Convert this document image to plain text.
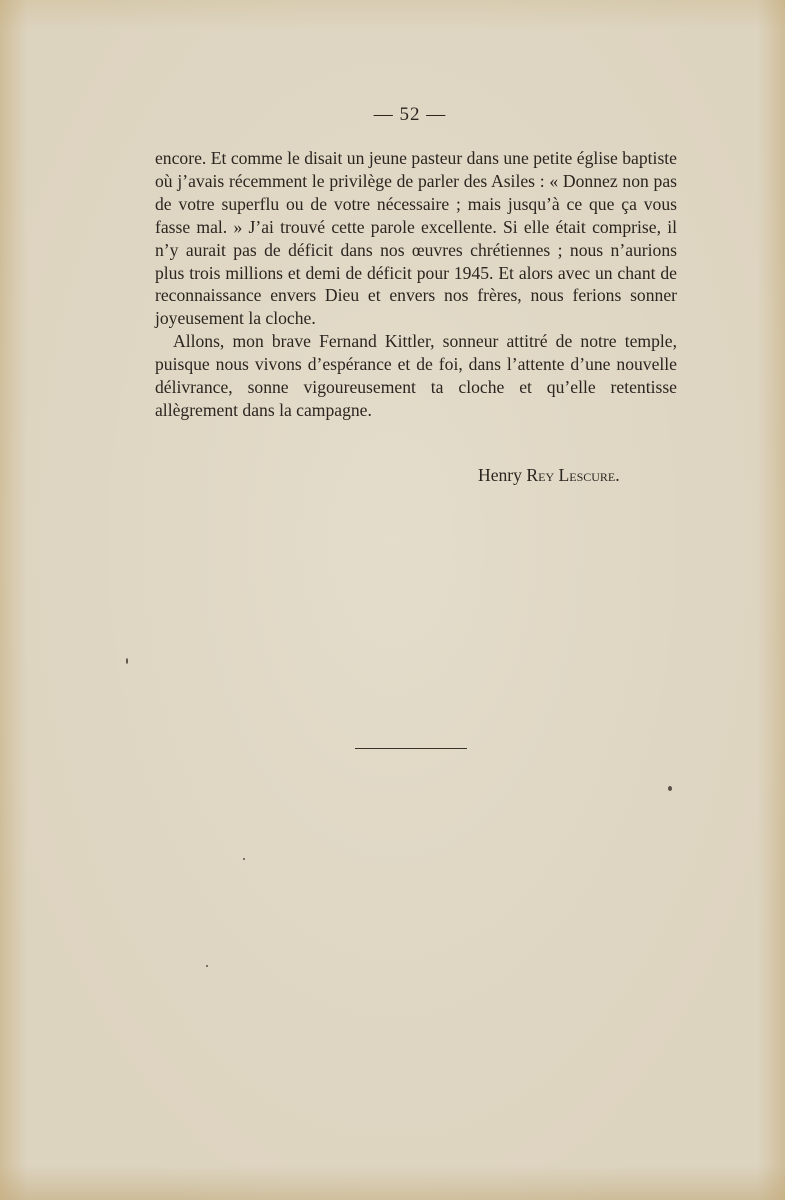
— 52 —

encore. Et comme le disait un jeune pasteur dans une petite église baptiste où j’avais récemment le privilège de parler des Asiles : « Donnez non pas de votre superflu ou de votre nécessaire ; mais jusqu’à ce que ça vous fasse mal. » J’ai trouvé cette parole excellente. Si elle était comprise, il n’y aurait pas de déficit dans nos œuvres chrétiennes ; nous n’aurions plus trois millions et demi de déficit pour 1945. Et alors avec un chant de reconnaissance envers Dieu et envers nos frères, nous ferions sonner joyeusement la cloche.

Allons, mon brave Fernand Kittler, sonneur attitré de notre temple, puisque nous vivons d’espérance et de foi, dans l’attente d’une nouvelle délivrance, sonne vigoureusement ta cloche et qu’elle retentisse allègrement dans la campagne.

Henry Rey Lescure.
